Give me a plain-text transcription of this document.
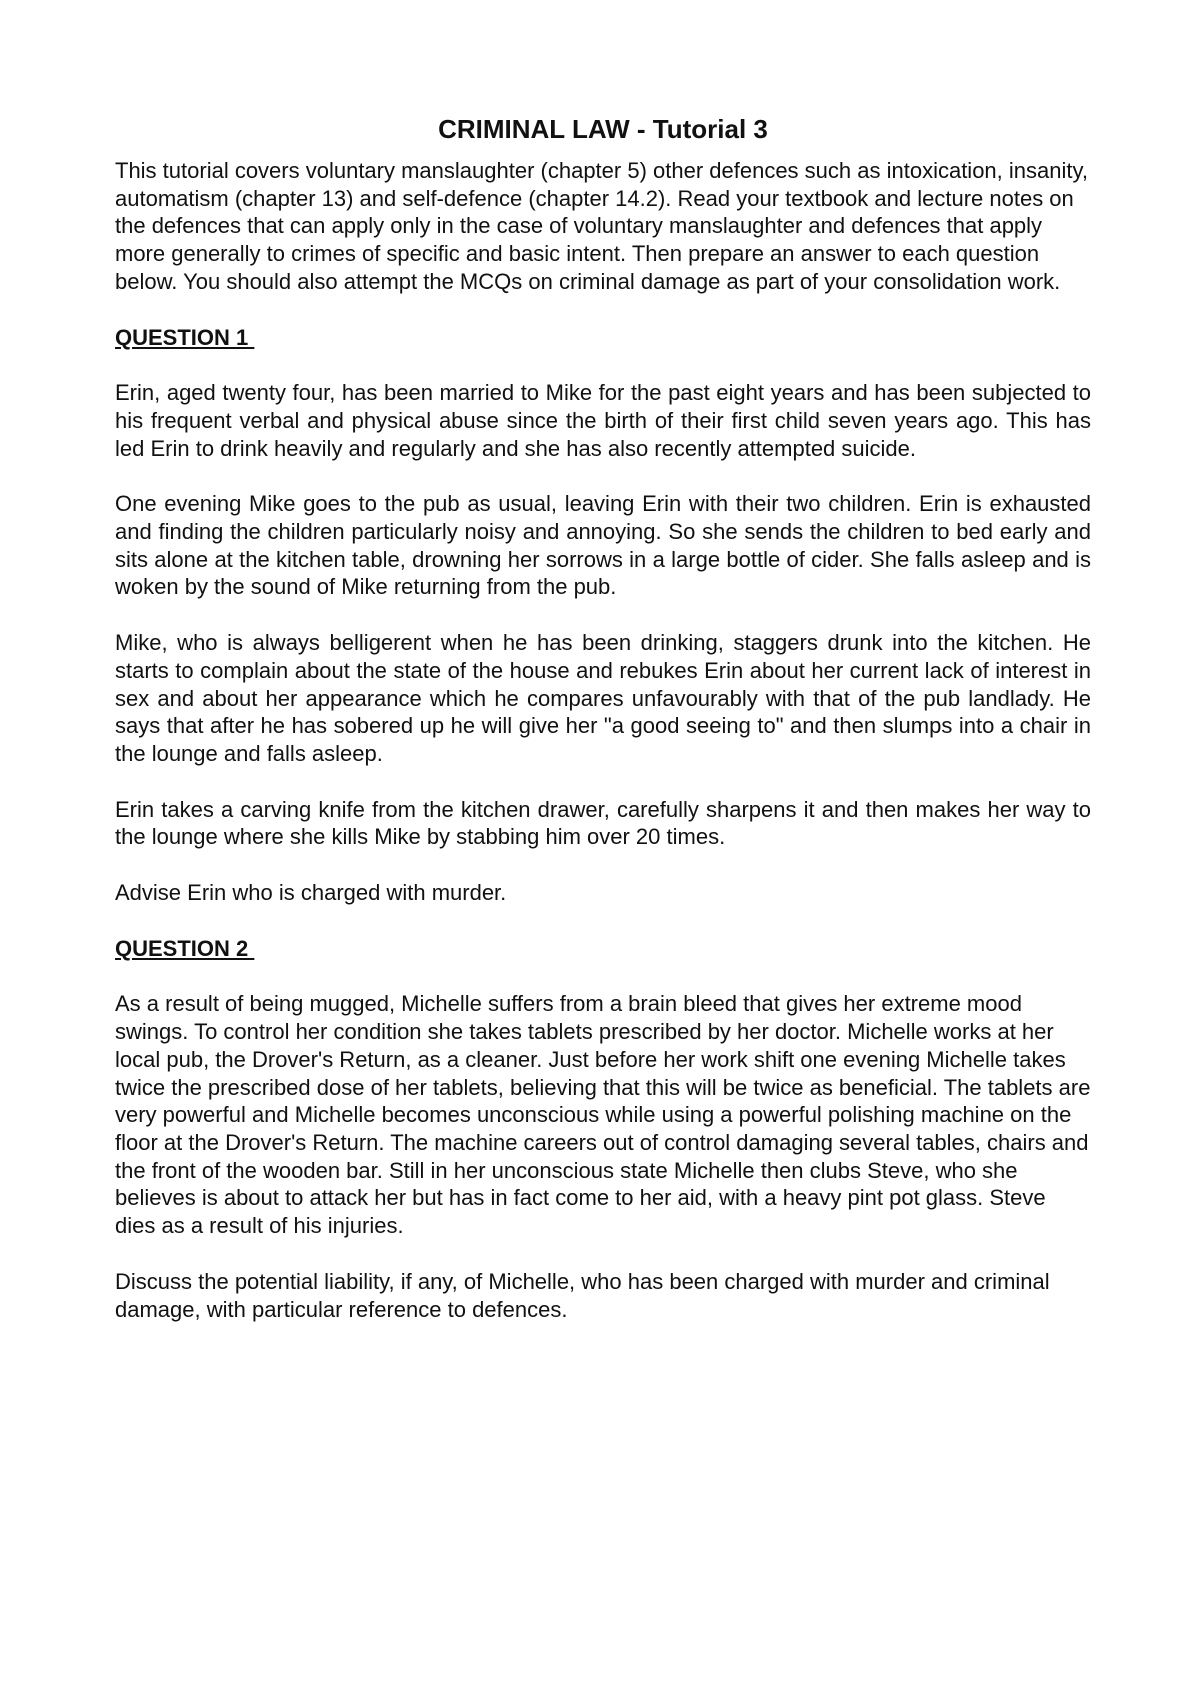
CRIMINAL LAW - Tutorial 3

This tutorial covers voluntary manslaughter (chapter 5) other defences such as intoxication, insanity, automatism (chapter 13) and self-defence (chapter 14.2). Read your textbook and lecture notes on the defences that can apply only in the case of voluntary manslaughter and defences that apply more generally to crimes of specific and basic intent. Then prepare an answer to each question below. You should also attempt the MCQs on criminal damage as part of your consolidation work.

QUESTION 1

Erin, aged twenty four, has been married to Mike for the past eight years and has been subjected to his frequent verbal and physical abuse since the birth of their first child seven years ago. This has led Erin to drink heavily and regularly and she has also recently attempted suicide.

One evening Mike goes to the pub as usual, leaving Erin with their two children. Erin is exhausted and finding the children particularly noisy and annoying. So she sends the children to bed early and sits alone at the kitchen table, drowning her sorrows in a large bottle of cider. She falls asleep and is woken by the sound of Mike returning from the pub.

Mike, who is always belligerent when he has been drinking, staggers drunk into the kitchen. He starts to complain about the state of the house and rebukes Erin about her current lack of interest in sex and about her appearance which he compares unfavourably with that of the pub landlady. He says that after he has sobered up he will give her "a good seeing to" and then slumps into a chair in the lounge and falls asleep.

Erin takes a carving knife from the kitchen drawer, carefully sharpens it and then makes her way to the lounge where she kills Mike by stabbing him over 20 times.

Advise Erin who is charged with murder.

QUESTION 2

As a result of being mugged, Michelle suffers from a brain bleed that gives her extreme mood swings. To control her condition she takes tablets prescribed by her doctor. Michelle works at her local pub, the Drover's Return, as a cleaner. Just before her work shift one evening Michelle takes twice the prescribed dose of her tablets, believing that this will be twice as beneficial. The tablets are very powerful and Michelle becomes unconscious while using a powerful polishing machine on the floor at the Drover's Return. The machine careers out of control damaging several tables, chairs and the front of the wooden bar. Still in her unconscious state Michelle then clubs Steve, who she believes is about to attack her but has in fact come to her aid, with a heavy pint pot glass. Steve dies as a result of his injuries.

Discuss the potential liability, if any, of Michelle, who has been charged with murder and criminal damage, with particular reference to defences.
